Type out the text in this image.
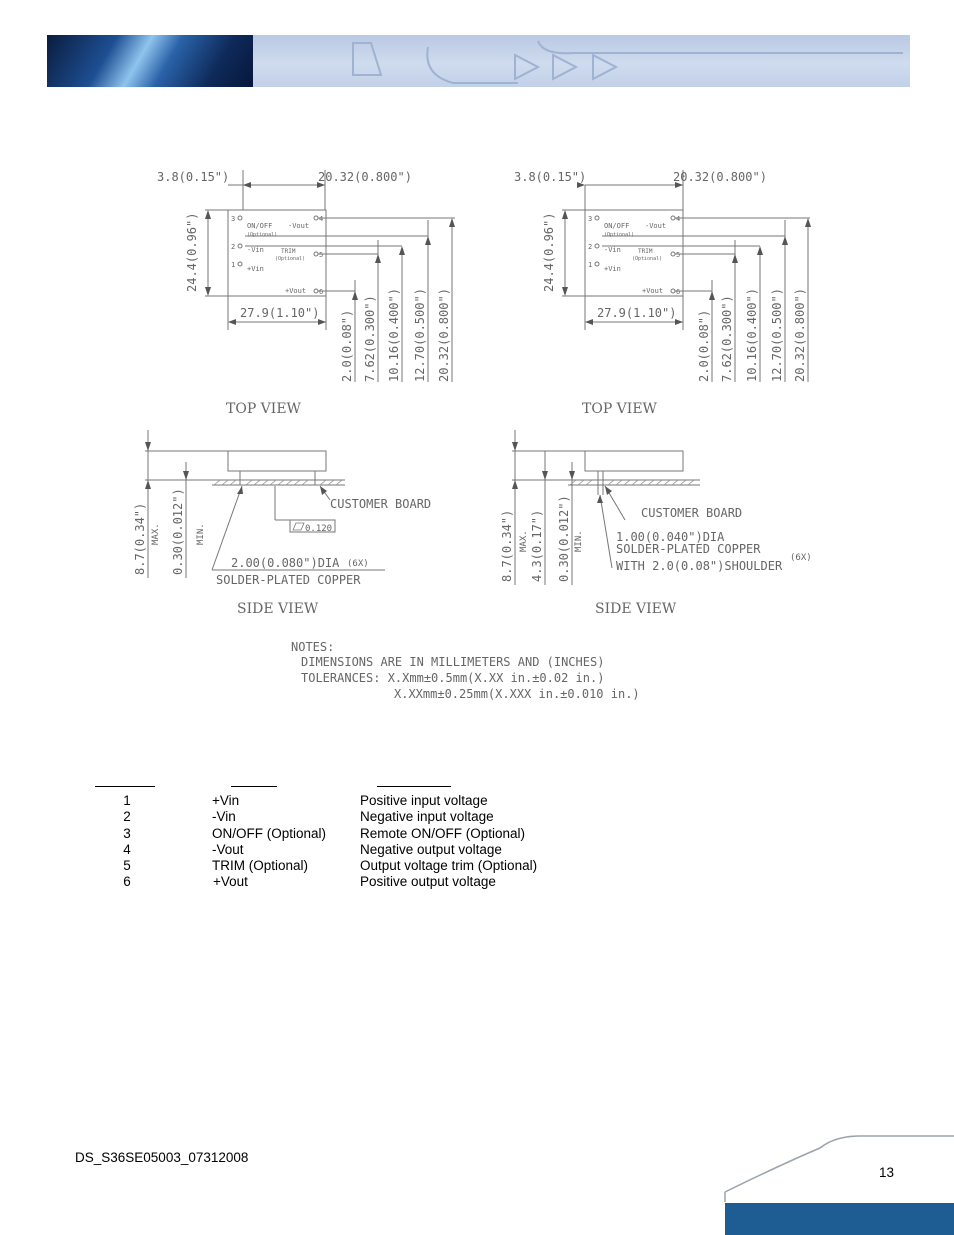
3.8(0.15")	20.32(0.800")
24.4(0.96")
27.9(1.10") 2.0(0.08") 7.62(0.300") 10.16(0.400") 12.70(0.500") 20.32(0.800")
3
2
1
4
5
6
ON/OFF
(Optional)
-Vout
-Vin	TRIM
(Optional)
+Vin
+Vout
TOP VIEW
3.8(0.15")	20.32(0.800")
24.4(0.96")
27.9(1.10") 2.0(0.08") 7.62(0.300") 10.16(0.400") 12.70(0.500") 20.32(0.800")
3
2
1
4
5
6
ON/OFF
(Optional)
-Vout
-Vin	TRIM
(Optional)
+Vin
+Vout
TOP VIEW
8.7(0.34") MAX. 0.30(0.012") MIN.
CUSTOMER BOARD
0.120
2.00(0.080")DIA (6X)
SOLDER-PLATED COPPER
SIDE VIEW
8.7(0.34") MAX. 4.3(0.17") 0.30(0.012") MIN.
CUSTOMER BOARD
1.00(0.040")DIA
SOLDER-PLATED COPPER
WITH 2.0(0.08")SHOULDER
(6X)
SIDE VIEW
NOTES:
DIMENSIONS ARE IN MILLIMETERS AND (INCHES)
TOLERANCES: X.Xmm±0.5mm(X.XX in.±0.02 in.)
X.XXmm±0.25mm(X.XXX in.±0.010 in.)
1	+Vin	Positive input voltage
2	-Vin	Negative input voltage
3	ON/OFF (Optional)	Remote ON/OFF (Optional)
4	-Vout	Negative output voltage
5	TRIM (Optional)	Output voltage trim (Optional)
6	+Vout	Positive output voltage
DS_S36SE05003_07312008
13
